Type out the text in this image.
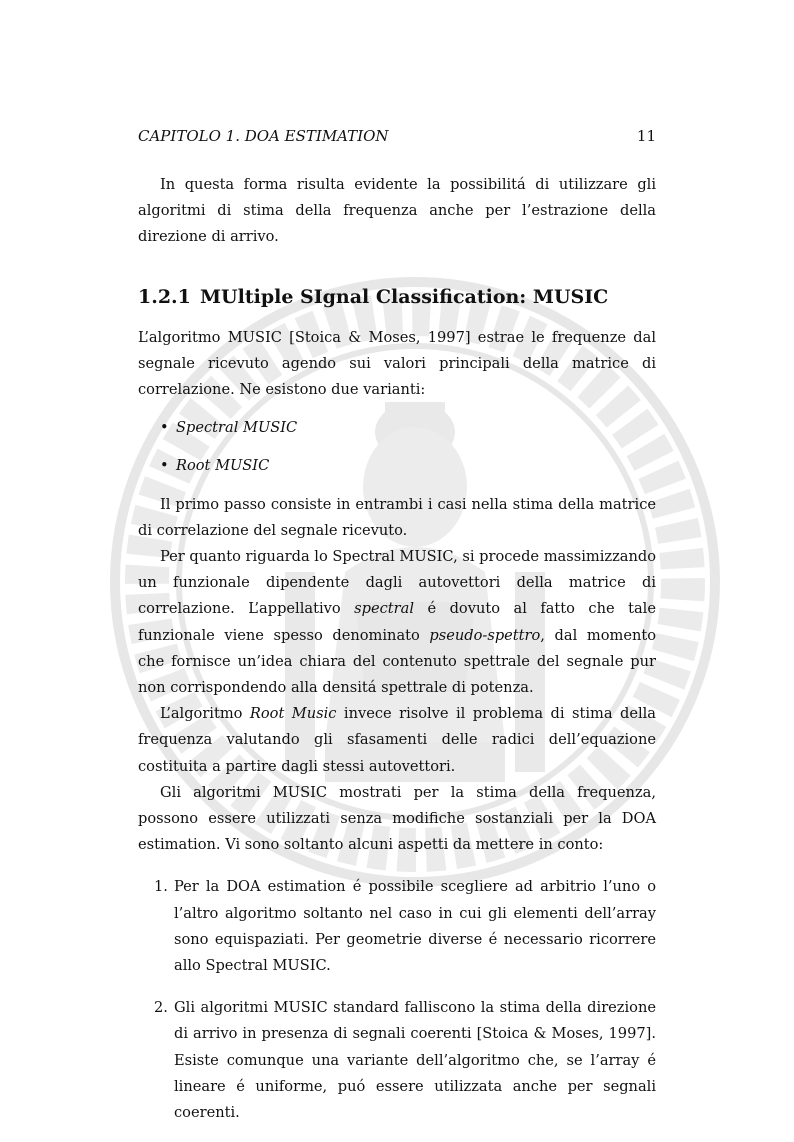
CAPITOLO 1. DOA ESTIMATION	11

In questa forma risulta evidente la possibilitá di utilizzare gli algoritmi di stima della frequenza anche per l’estrazione della direzione di arrivo.

1.2.1 MUltiple SIgnal Classification: MUSIC

L’algoritmo MUSIC [Stoica & Moses, 1997] estrae le frequenze dal segnale ricevuto agendo sui valori principali della matrice di correlazione. Ne esistono due varianti:

• Spectral MUSIC
• Root MUSIC

Il primo passo consiste in entrambi i casi nella stima della matrice di correlazione del segnale ricevuto.

Per quanto riguarda lo Spectral MUSIC, si procede massimizzando un funzionale dipendente dagli autovettori della matrice di correlazione. L’appellativo spectral é dovuto al fatto che tale funzionale viene spesso denominato pseudo-spettro, dal momento che fornisce un’idea chiara del contenuto spettrale del segnale pur non corrispondendo alla densitá spettrale di potenza.

L’algoritmo Root Music invece risolve il problema di stima della frequenza valutando gli sfasamenti delle radici dell’equazione costituita a partire dagli stessi autovettori.

Gli algoritmi MUSIC mostrati per la stima della frequenza, possono essere utilizzati senza modifiche sostanziali per la DOA estimation. Vi sono soltanto alcuni aspetti da mettere in conto:

1. Per la DOA estimation é possibile scegliere ad arbitrio l’uno o l’altro algoritmo soltanto nel caso in cui gli elementi dell’array sono equispaziati. Per geometrie diverse é necessario ricorrere allo Spectral MUSIC.
2. Gli algoritmi MUSIC standard falliscono la stima della direzione di arrivo in presenza di segnali coerenti [Stoica & Moses, 1997]. Esiste comunque una variante dell’algoritmo che, se l’array é lineare é uniforme, puó essere utilizzata anche per segnali coerenti.
